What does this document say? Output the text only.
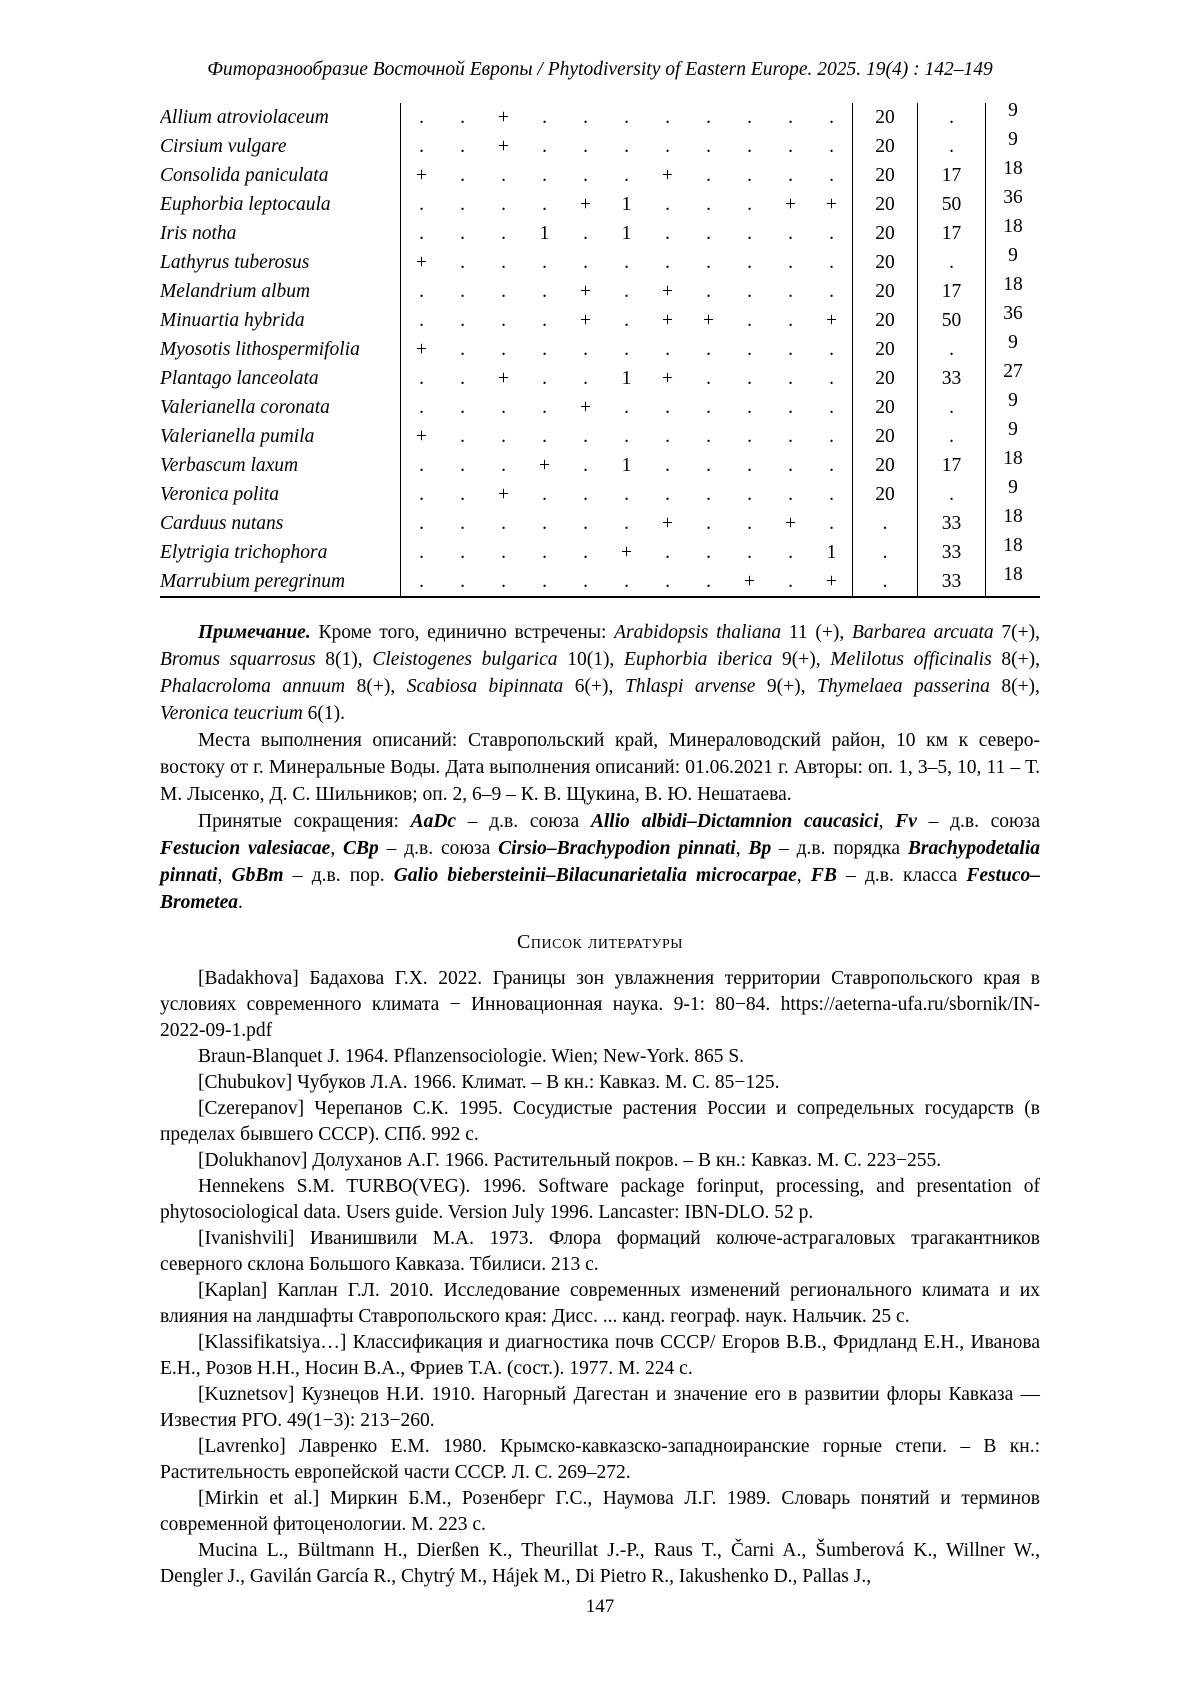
Фиторазнообразие Восточной Европы / Phytodiversity of Eastern Europe. 2025. 19(4) : 142–149
Allium atroviolaceum	.	.	+	.	.	.	.	.	.	.	.	20	.	9
Cirsium vulgare	.	.	+	.	.	.	.	.	.	.	.	20	.	9
Consolida paniculata	+	.	.	.	.	.	+	.	.	.	.	20	17	18
Euphorbia leptocaula	.	.	.	.	+	1	.	.	.	+	+	20	50	36
Iris notha	.	.	.	1	.	1	.	.	.	.	.	20	17	18
Lathyrus tuberosus	+	.	.	.	.	.	.	.	.	.	.	20	.	9
Melandrium album	.	.	.	.	+	.	+	.	.	.	.	20	17	18
Minuartia hybrida	.	.	.	.	+	.	+	+	.	.	+	20	50	36
Myosotis lithospermifolia	+	.	.	.	.	.	.	.	.	.	.	20	.	9
Plantago lanceolata	.	.	+	.	.	1	+	.	.	.	.	20	33	27
Valerianella coronata	.	.	.	.	+	.	.	.	.	.	.	20	.	9
Valerianella pumila	+	.	.	.	.	.	.	.	.	.	.	20	.	9
Verbascum laxum	.	.	.	+	.	1	.	.	.	.	.	20	17	18
Veronica polita	.	.	+	.	.	.	.	.	.	.	.	20	.	9
Carduus nutans	.	.	.	.	.	.	+	.	.	+	.	.	33	18
Elytrigia trichophora	.	.	.	.	.	+	.	.	.	.	1	.	33	18
Marrubium peregrinum	.	.	.	.	.	.	.	.	+	.	+	.	33	18

Примечание. Кроме того, единично встречены: Arabidopsis thaliana 11 (+), Barbarea arcuata 7(+), Bromus squarrosus 8(1), Cleistogenes bulgarica 10(1), Euphorbia iberica 9(+), Melilotus officinalis 8(+), Phalacroloma annuum 8(+), Scabiosa bipinnata 6(+), Thlaspi arvense 9(+), Thymelaea passerina 8(+), Veronica teucrium 6(1).

Места выполнения описаний: Ставропольский край, Минераловодский район, 10 км к северо-востоку от г. Минеральные Воды. Дата выполнения описаний: 01.06.2021 г. Авторы: оп. 1, 3–5, 10, 11 – Т. М. Лысенко, Д. С. Шильников; оп. 2, 6–9 – К. В. Щукина, В. Ю. Нешатаева.

Принятые сокращения: AaDc – д.в. союза Allio albidi–Dictamnion caucasici, Fv – д.в. союза Festucion valesiacae, CBp – д.в. союза Cirsio–Brachypodion pinnati, Bp – д.в. порядка Brachypodetalia pinnati, GbBm – д.в. пор. Galio biebersteinii–Bilacunarietalia microcarpae, FB – д.в. класса Festuco–Brometea.

Список литературы

[Badakhova] Бадахова Г.Х. 2022. Границы зон увлажнения территории Ставропольского края в условиях современного климата − Инновационная наука. 9-1: 80−84. https://aeterna-ufa.ru/sbornik/IN-2022-09-1.pdf

Braun-Blanquet J. 1964. Pflanzensociologie. Wien; New-York. 865 S.

[Chubukov] Чубуков Л.А. 1966. Климат. – В кн.: Кавказ. М. С. 85−125.

[Czerepanov] Черепанов С.К. 1995. Сосудистые растения России и сопредельных государств (в пределах бывшего СССР). СПб. 992 с.

[Dolukhanov] Долуханов А.Г. 1966. Растительный покров. – В кн.: Кавказ. М. С. 223−255.

Hennekens S.M. TURBO(VEG). 1996. Software package forinput, processing, and presentation of phytosociological data. Users guide. Version July 1996. Lancaster: IBN-DLO. 52 p.

[Ivanishvili] Иванишвили М.А. 1973. Флора формаций колюче-астрагаловых трагакантников северного склона Большого Кавказа. Тбилиси. 213 с.

[Kaplan] Каплан Г.Л. 2010. Исследование современных изменений регионального климата и их влияния на ландшафты Ставропольского края: Дисс. ... канд. географ. наук. Нальчик. 25 с.

[Klassifikatsiya…] Классификация и диагностика почв СССР/ Егоров В.В., Фридланд Е.Н., Иванова Е.Н., Розов Н.Н., Носин В.А., Фриев Т.А. (сост.). 1977. М. 224 с.

[Kuznetsov] Кузнецов Н.И. 1910. Нагорный Дагестан и значение его в развитии флоры Кавказа — Известия РГО. 49(1−3): 213−260.

[Lavrenko] Лавренко Е.М. 1980. Крымско-кавказско-западноиранские горные степи. – В кн.: Растительность европейской части СССР. Л. С. 269–272.

[Mirkin et al.] Миркин Б.М., Розенберг Г.С., Наумова Л.Г. 1989. Словарь понятий и терминов современной фитоценологии. М. 223 с.

Mucina L., Bültmann H., Dierßen K., Theurillat J.-P., Raus T., Čarni A., Šumberová K., Willner W., Dengler J., Gavilán García R., Chytrý M., Hájek M., Di Pietro R., Iakushenko D., Pallas J.,

147
